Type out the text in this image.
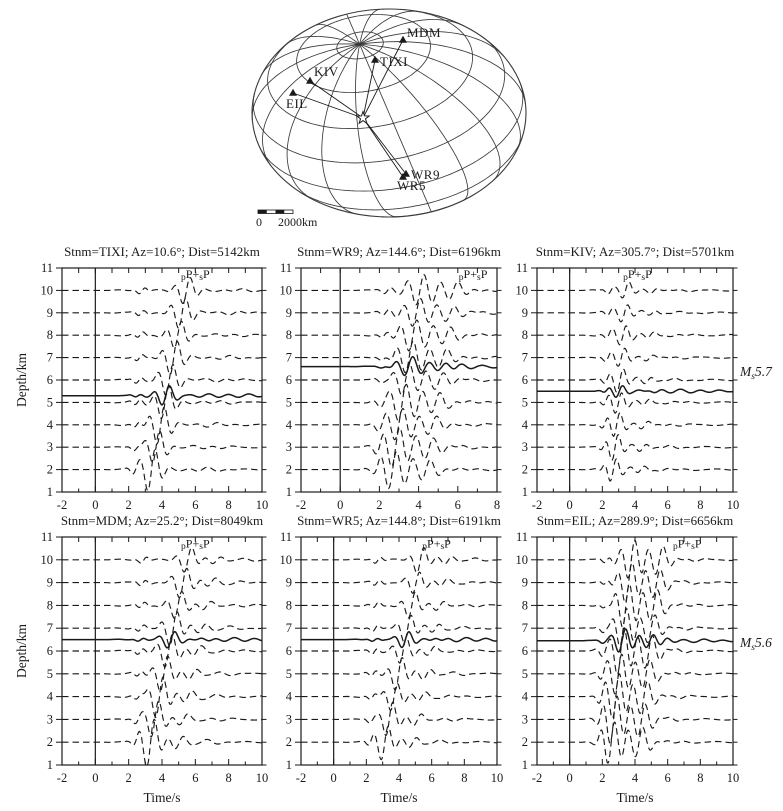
MDM
TIXI
KIV
EIL
WR9
WR5
0 2000km
Stnm=TIXI; Az=10.6°; Dist=5142km
-2 0 2 4 6 8 10
1
2
3
4
5
6
7
8
9
10
11
Depth/km
pP+sP
Stnm=WR9; Az=144.6°; Dist=6196km
-2 0	2	4	6	8
1
2
3
4
5
6
7
8
9
10
11
pP+sP
Stnm=KIV; Az=305.7°; Dist=5701km
-2 0 2 4 6 8 10
1
2
3
4
5
6
7
8
9
10
11
pP+sP
$M_s5.7$
Stnm=MDM; Az=25.2°; Dist=8049km
-2 0 2 4 6 8 10
1
2
3
4
5
6
7
8
9
10
11
Depth/km
Time/s
pP+sP
Stnm=WR5; Az=144.8°; Dist=6191km
-2 0 2 4 6 8 10
1
2
3
4
5
6
7
8
9
10
11
Time/s
pP+sP
Stnm=EIL; Az=289.9°; Dist=6656km
-2 0 2 4 6 8 10
1
2
3
4
5
6
7
8
9
10
11
Time/s
pP+sP
$M_s5.6$
